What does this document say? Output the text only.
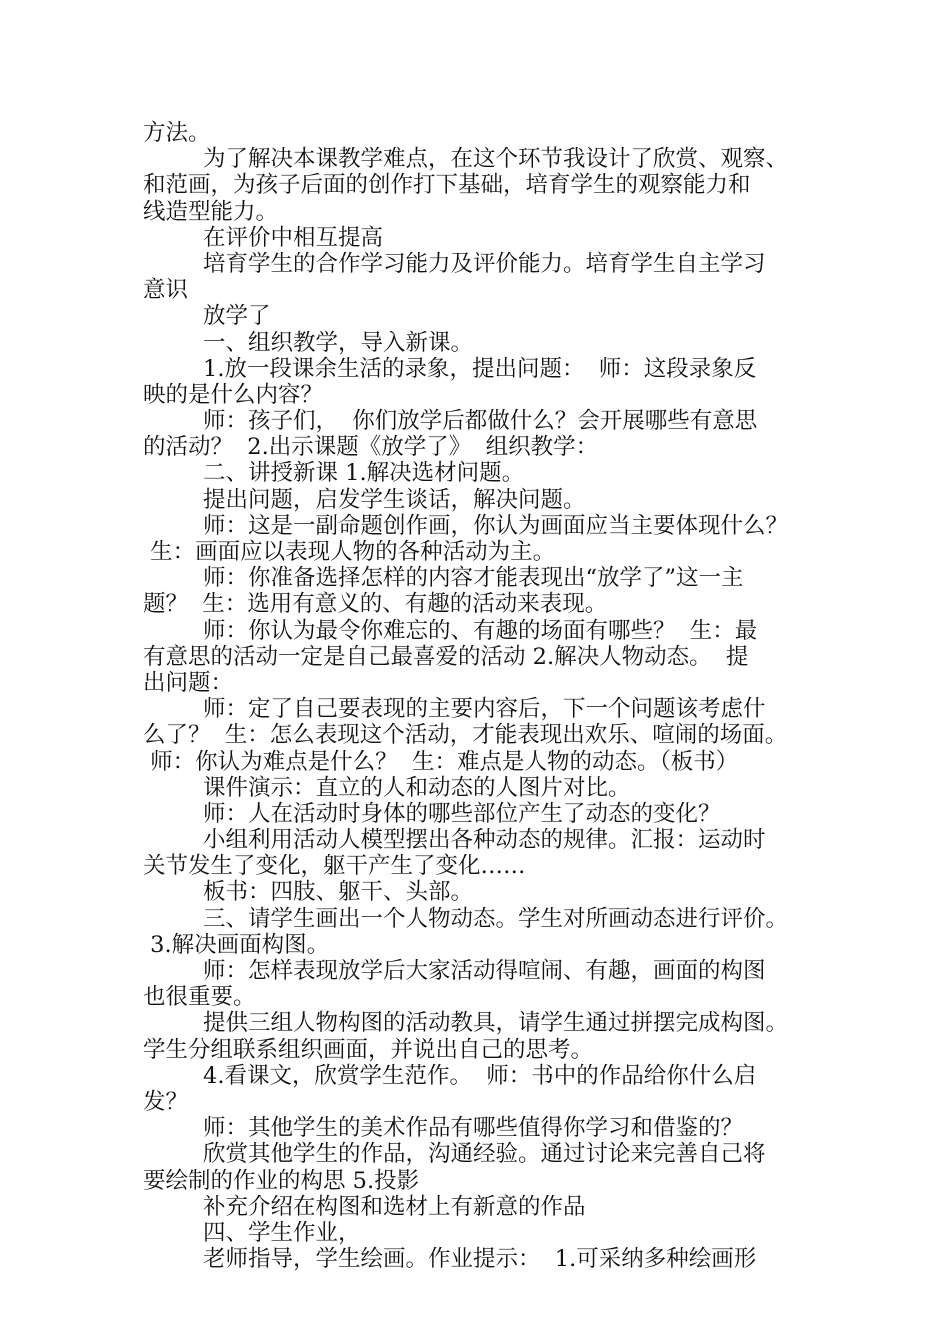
方法。
为了解决本课教学难点，在这个环节我设计了欣赏、观察、
和范画，为孩子后面的创作打下基础，培育学生的观察能力和
线造型能力。
在评价中相互提高
培育学生的合作学习能力及评价能力。培育学生自主学习
意识
放学了
一、组织教学，导入新课。
1.放一段课余生活的录象，提出问题：  师：这段录象反
映的是什么内容？
师：孩子们，  你们放学后都做什么？会开展哪些有意思
的活动？  2.出示课题《放学了》  组织教学：
二、讲授新课 1.解决选材问题。
提出问题，启发学生谈话，解决问题。
师：这是一副命题创作画，你认为画面应当主要体现什么？
生：画面应以表现人物的各种活动为主。
师：你准备选择怎样的内容才能表现出“放学了”这一主
题？  生：选用有意义的、有趣的活动来表现。
师：你认为最令你难忘的、有趣的场面有哪些？  生：最
有意思的活动一定是自己最喜爱的活动 2.解决人物动态。  提
出问题：
师：定了自己要表现的主要内容后，下一个问题该考虑什
么了？  生：怎么表现这个活动，才能表现出欢乐、喧闹的场面。
师：你认为难点是什么？  生：难点是人物的动态。（板书）
课件演示：直立的人和动态的人图片对比。
师：人在活动时身体的哪些部位产生了动态的变化？
小组利用活动人模型摆出各种动态的规律。汇报：运动时
关节发生了变化，躯干产生了变化……
板书：四肢、躯干、头部。
三、请学生画出一个人物动态。学生对所画动态进行评价。
3.解决画面构图。
师：怎样表现放学后大家活动得喧闹、有趣，画面的构图
也很重要。
提供三组人物构图的活动教具，请学生通过拼摆完成构图。
学生分组联系组织画面，并说出自己的思考。
4.看课文，欣赏学生范作。  师：书中的作品给你什么启
发？
师：其他学生的美术作品有哪些值得你学习和借鉴的？
欣赏其他学生的作品，沟通经验。通过讨论来完善自己将
要绘制的作业的构思 5.投影
补充介绍在构图和选材上有新意的作品
四、学生作业，
老师指导，学生绘画。作业提示：  1.可采纳多种绘画形
